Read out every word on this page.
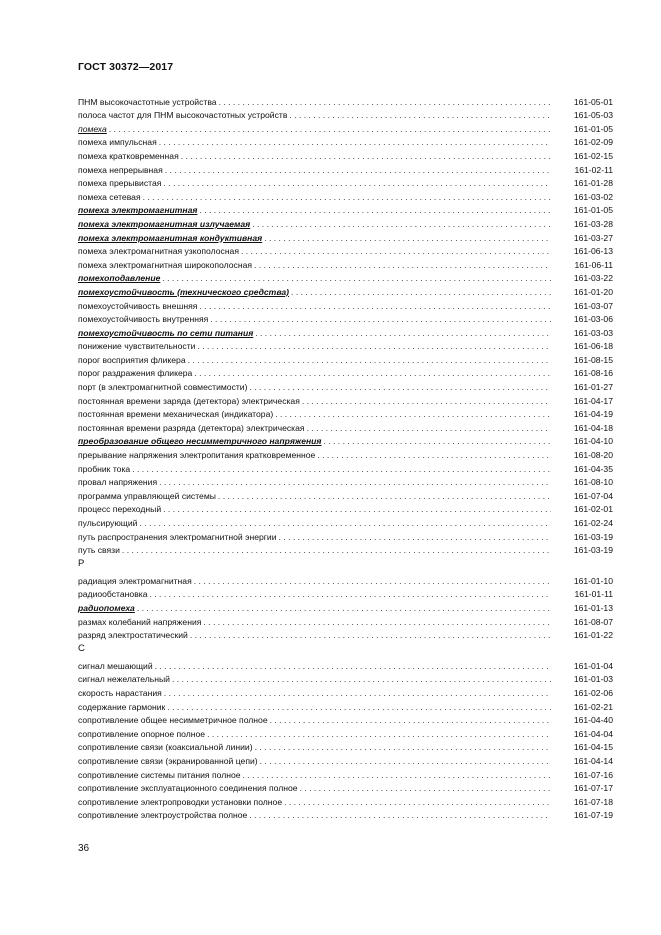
ГОСТ 30372—2017
ПНМ высокочастотные устройства . . .	161-05-01
полоса частот для ПНМ высокочастотных устройств . . .	161-05-03
помеха . . .	161-01-05
помеха импульсная . . .	161-02-09
помеха кратковременная . . .	161-02-15
помеха непрерывная . . .	161-02-11
помеха прерывистая . . .	161-01-28
помеха сетевая . . .	161-03-02
помеха электромагнитная . . .	161-01-05
помеха электромагнитная излучаемая . . .	161-03-28
помеха электромагнитная кондуктивная . . .	161-03-27
помеха электромагнитная узкополосная . . .	161-06-13
помеха электромагнитная широкополосная . . .	161-06-11
помехоподавление . . .	161-03-22
помехоустойчивость (технического средства) . . .	161-01-20
помехоустойчивость внешняя . . .	161-03-07
помехоустойчивость внутренняя . . .	161-03-06
помехоустойчивость по сети питания . . .	161-03-03
понижение чувствительности . . .	161-06-18
порог восприятия фликера . . .	161-08-15
порог раздражения фликера . . .	161-08-16
порт (в электромагнитной совместимости) . . .	161-01-27
постоянная времени заряда (детектора) электрическая . . .	161-04-17
постоянная времени механическая (индикатора) . . .	161-04-19
постоянная времени разряда (детектора) электрическая . . .	161-04-18
преобразование общего несимметричного напряжения . . .	161-04-10
прерывание напряжения электропитания кратковременное . . .	161-08-20
пробник тока . . .	161-04-35
провал напряжения . . .	161-08-10
программа управляющей системы . . .	161-07-04
процесс переходный . . .	161-02-01
пульсирующий . . .	161-02-24
путь распространения электромагнитной энергии . . .	161-03-19
путь связи . . .	161-03-19
Р
радиация электромагнитная . . .	161-01-10
радиообстановка . . .	161-01-11
радиопомеха . . .	161-01-13
размах колебаний напряжения . . .	161-08-07
разряд электростатический . . .	161-01-22
С
сигнал мешающий . . .	161-01-04
сигнал нежелательный . . .	161-01-03
скорость нарастания . . .	161-02-06
содержание гармоник . . .	161-02-21
сопротивление общее несимметричное полное . . .	161-04-40
сопротивление опорное полное . . .	161-04-04
сопротивление связи (коаксиальной линии) . . .	161-04-15
сопротивление связи (экранированной цепи) . . .	161-04-14
сопротивление системы питания полное . . .	161-07-16
сопротивление эксплуатационного соединения полное . . .	161-07-17
сопротивление электропроводки установки полное . . .	161-07-18
сопротивление электроустройства полное . . .	161-07-19
36
